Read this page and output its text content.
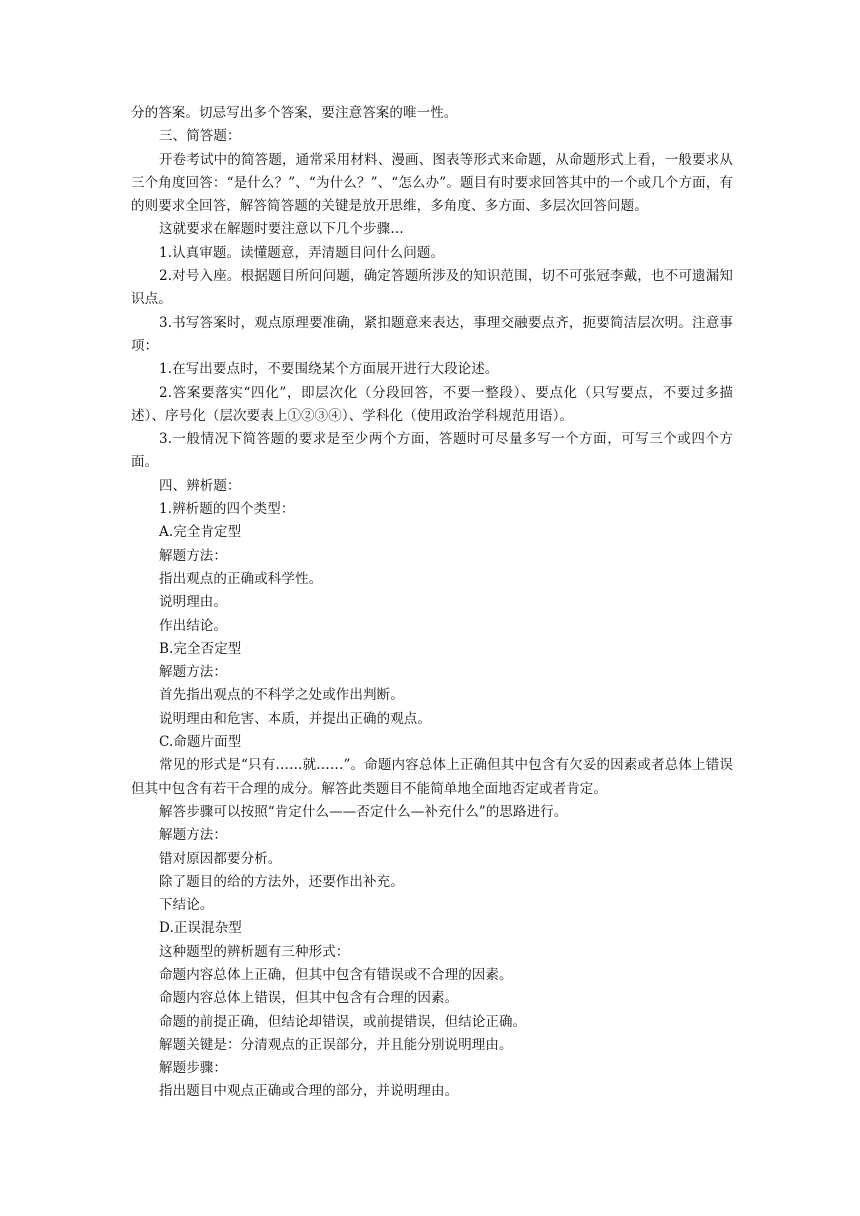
分的答案。切忌写出多个答案，要注意答案的唯一性。

三、简答题：

开卷考试中的简答题，通常采用材料、漫画、图表等形式来命题，从命题形式上看，一般要求从三个角度回答：“是什么？”、“为什么？”、“怎么办”。题目有时要求回答其中的一个或几个方面，有的则要求全回答，解答简答题的关键是放开思维，多角度、多方面、多层次回答问题。

这就要求在解题时要注意以下几个步骤…

1.认真审题。读懂题意，弄清题目问什么问题。

2.对号入座。根据题目所问问题，确定答题所涉及的知识范围，切不可张冠李戴，也不可遗漏知识点。

3.书写答案时，观点原理要准确，紧扣题意来表达，事理交融要点齐，扼要简洁层次明。注意事项：

1.在写出要点时，不要围绕某个方面展开进行大段论述。

2.答案要落实“四化”，即层次化（分段回答，不要一整段）、要点化（只写要点，不要过多描述）、序号化（层次要表上①②③④）、学科化（使用政治学科规范用语）。

3.一般情况下简答题的要求是至少两个方面，答题时可尽量多写一个方面，可写三个或四个方面。

四、辨析题：

1.辨析题的四个类型：

A.完全肯定型

解题方法：

指出观点的正确或科学性。

说明理由。

作出结论。

B.完全否定型

解题方法：

首先指出观点的不科学之处或作出判断。

说明理由和危害、本质，并提出正确的观点。

C.命题片面型

常见的形式是“只有……就……”。命题内容总体上正确但其中包含有欠妥的因素或者总体上错误但其中包含有若干合理的成分。解答此类题目不能简单地全面地否定或者肯定。

解答步骤可以按照“肯定什么——否定什么—补充什么”的思路进行。

解题方法：

错对原因都要分析。

除了题目的给的方法外，还要作出补充。

下结论。

D.正误混杂型

这种题型的辨析题有三种形式：

命题内容总体上正确，但其中包含有错误或不合理的因素。

命题内容总体上错误，但其中包含有合理的因素。

命题的前提正确，但结论却错误，或前提错误，但结论正确。

解题关键是：分清观点的正误部分，并且能分别说明理由。

解题步骤：

指出题目中观点正确或合理的部分，并说明理由。
